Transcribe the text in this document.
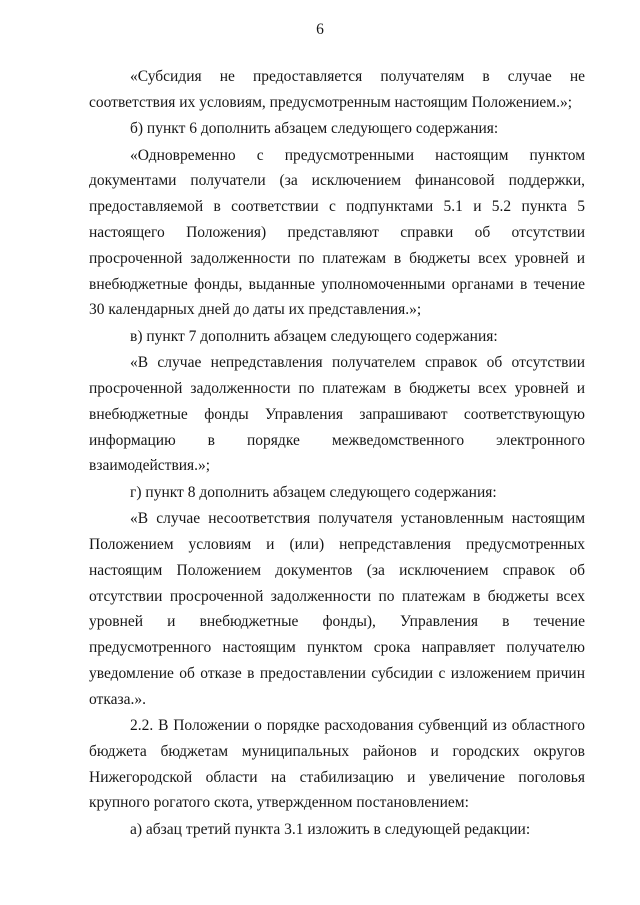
6

«Субсидия не предоставляется получателям в случае не соответствия их условиям, предусмотренным настоящим Положением.»;

б) пункт 6 дополнить абзацем следующего содержания:

«Одновременно с предусмотренными настоящим пунктом документами получатели (за исключением финансовой поддержки, предоставляемой в соответствии с подпунктами 5.1 и 5.2 пункта 5 настоящего Положения) представляют справки об отсутствии просроченной задолженности по платежам в бюджеты всех уровней и внебюджетные фонды, выданные уполномоченными органами в течение 30 календарных дней до даты их представления.»;

в) пункт 7 дополнить абзацем следующего содержания:

«В случае непредставления получателем справок об отсутствии просроченной задолженности по платежам в бюджеты всех уровней и внебюджетные фонды Управления запрашивают соответствующую информацию в порядке межведомственного электронного взаимодействия.»;

г) пункт 8 дополнить абзацем следующего содержания:

«В случае несоответствия получателя установленным настоящим Положением условиям и (или) непредставления предусмотренных настоящим Положением документов (за исключением справок об отсутствии просроченной задолженности по платежам в бюджеты всех уровней и внебюджетные фонды), Управления в течение предусмотренного настоящим пунктом срока направляет получателю уведомление об отказе в предоставлении субсидии с изложением причин отказа.».

2.2. В Положении о порядке расходования субвенций из областного бюджета бюджетам муниципальных районов и городских округов Нижегородской области на стабилизацию и увеличение поголовья крупного рогатого скота, утвержденном постановлением:

а) абзац третий пункта 3.1 изложить в следующей редакции:
